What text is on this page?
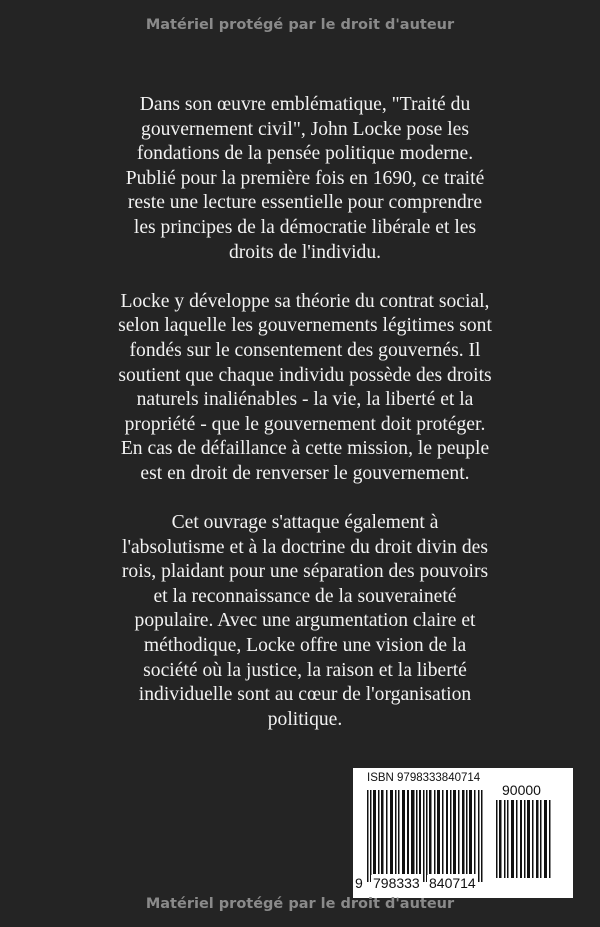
Matériel protégé par le droit d'auteur

Dans son œuvre emblématique, "Traité du gouvernement civil", John Locke pose les fondations de la pensée politique moderne. Publié pour la première fois en 1690, ce traité reste une lecture essentielle pour comprendre les principes de la démocratie libérale et les droits de l'individu.

Locke y développe sa théorie du contrat social, selon laquelle les gouvernements légitimes sont fondés sur le consentement des gouvernés. Il soutient que chaque individu possède des droits naturels inaliénables - la vie, la liberté et la propriété - que le gouvernement doit protéger. En cas de défaillance à cette mission, le peuple est en droit de renverser le gouvernement.

Cet ouvrage s'attaque également à l'absolutisme et à la doctrine du droit divin des rois, plaidant pour une séparation des pouvoirs et la reconnaissance de la souveraineté populaire. Avec une argumentation claire et méthodique, Locke offre une vision de la société où la justice, la raison et la liberté individuelle sont au cœur de l'organisation politique.

ISBN 9798333840714
90000
9 798333 840714
Matériel protégé par le droit d'auteur
